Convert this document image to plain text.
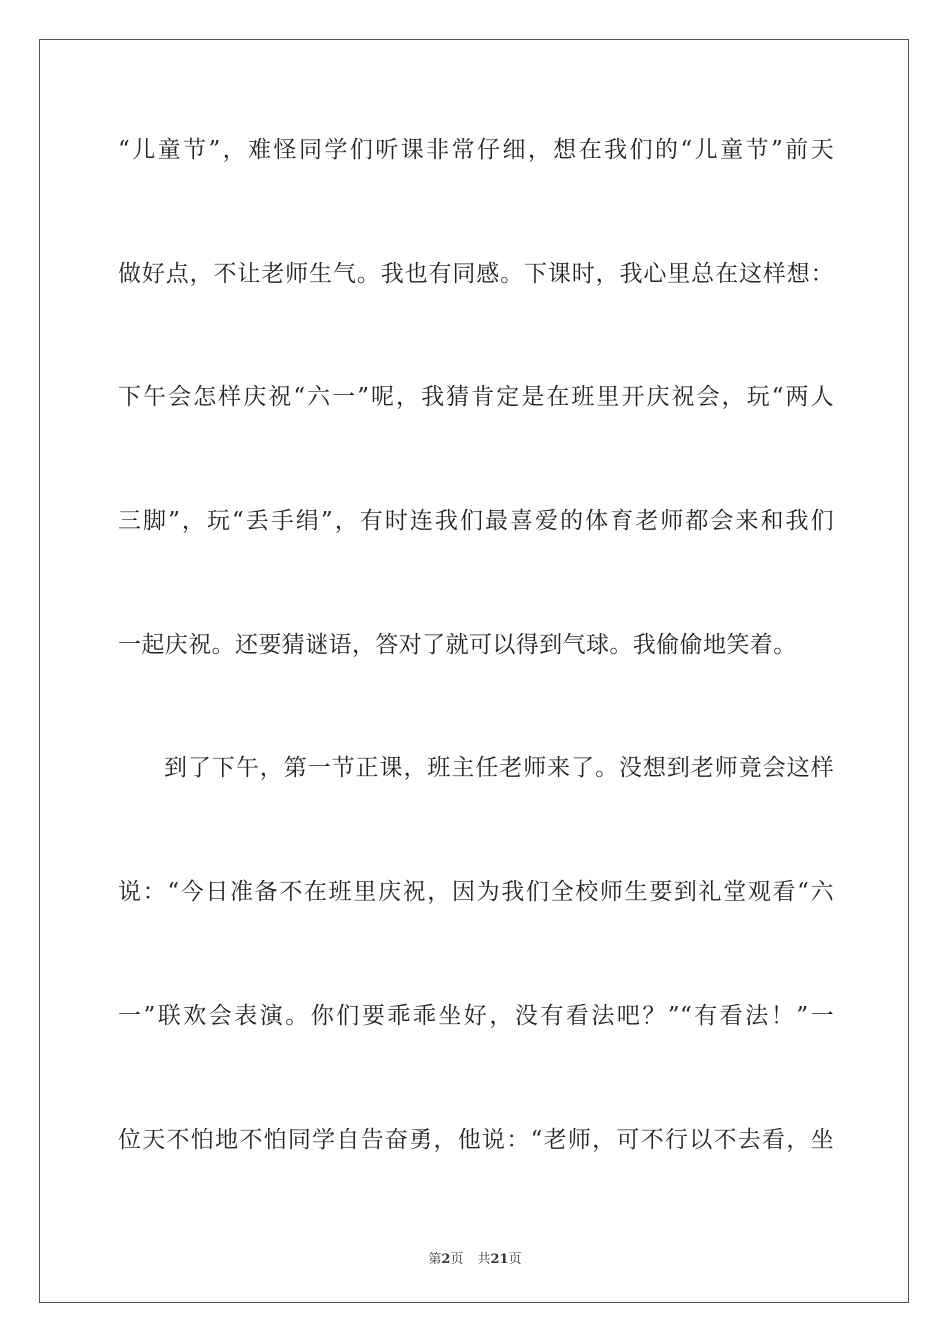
“儿童节”，难怪同学们听课非常仔细，想在我们的“儿童节”前天
做好点，不让老师生气。我也有同感。下课时，我心里总在这样想：
下午会怎样庆祝“六一”呢，我猜肯定是在班里开庆祝会，玩“两人
三脚”，玩“丢手绢”，有时连我们最喜爱的体育老师都会来和我们
一起庆祝。还要猜谜语，答对了就可以得到气球。我偷偷地笑着。
到了下午，第一节正课，班主任老师来了。没想到老师竟会这样
说：“今日准备不在班里庆祝，因为我们全校师生要到礼堂观看“六
一”联欢会表演。你们要乖乖坐好，没有看法吧？”“有看法！”一
位天不怕地不怕同学自告奋勇，他说：“老师，可不行以不去看，坐
第2页 共21页
